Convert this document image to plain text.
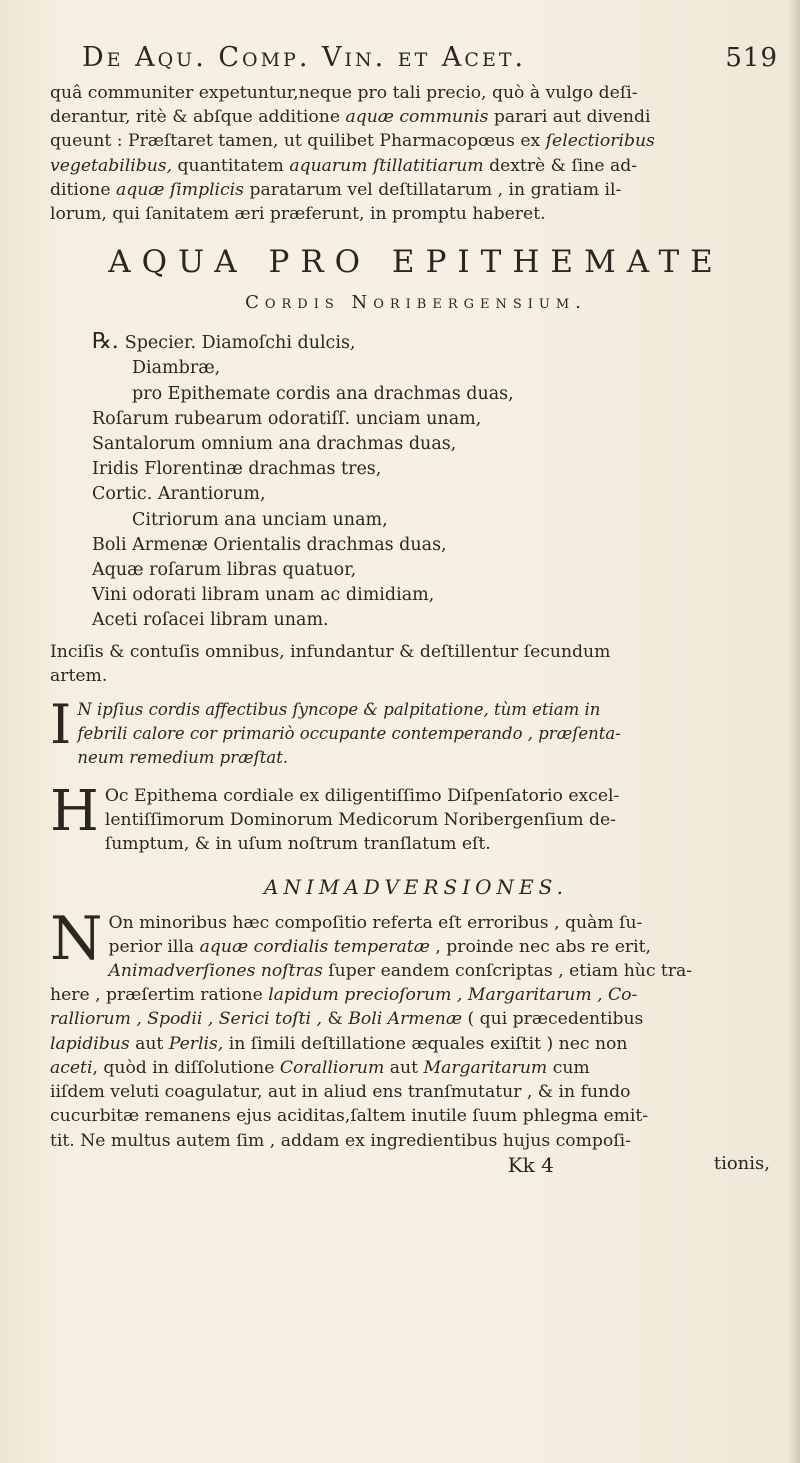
De Aqu. Comp. Vin. et Acet.	519

quâ communiter expetuntur,neque pro tali precio, quò à vulgo deſi-

derantur, ritè & abſque additione aquæ communis parari aut divendi

queunt : Præſtaret tamen, ut quilibet Pharmacopœus ex ſelectioribus

vegetabilibus, quantitatem aquarum ſtillatitiarum dextrè & ſine ad-

ditione aquæ ſimplicis paratarum vel deſtillatarum , in gratiam il-

lorum, qui ſanitatem æri præferunt, in promptu haberet.

AQUA PRO EPITHEMATE
Cordis Noribergensium.

℞. Specier. Diamoſchi dulcis,

Diambræ,

pro Epithemate cordis ana drachmas duas,

Roſarum rubearum odoratiſſ. unciam unam,

Santalorum omnium ana drachmas duas,

Iridis Florentinæ drachmas tres,

Cortic. Arantiorum,

Citriorum ana unciam unam,

Boli Armenæ Orientalis drachmas duas,

Aquæ roſarum libras quatuor,

Vini odorati libram unam ac dimidiam,

Aceti roſacei libram unam.

Inciſis & contuſis omnibus, infundantur & deſtillentur ſecundum

artem.

I N ipſius cordis affectibus ſyncope & palpitatione, tùm etiam in

febrili calore cor primariò occupante contemperando , præſenta-

neum remedium præſtat.

H Oc Epithema cordiale ex diligentiſſimo Diſpenſatorio excel-

lentiſſimorum Dominorum Medicorum Noribergenſium de-

ſumptum, & in uſum noſtrum tranſlatum eſt.

ANIMADVERSIONES.
N On minoribus hæc compoſitio referta eſt erroribus , quàm ſu-

perior illa aquæ cordialis temperatæ , proinde nec abs re erit,

Animadverſiones noſtras ſuper eandem conſcriptas , etiam hùc tra-

here , præſertim ratione lapidum precioſorum , Margaritarum , Co-

ralliorum , Spodii , Serici toſti , & Boli Armenæ ( qui præcedentibus

lapidibus aut Perlis, in ſimili deſtillatione æquales exiſtit ) nec non

aceti, quòd in diſſolutione Coralliorum aut Margaritarum cum

iiſdem veluti coagulatur, aut in aliud ens tranſmutatur , & in fundo

cucurbitæ remanens ejus aciditas,ſaltem inutile ſuum phlegma emit-

tit. Ne multus autem ſim , addam ex ingredientibus hujus compoſi-

Kk 4	tionis,
